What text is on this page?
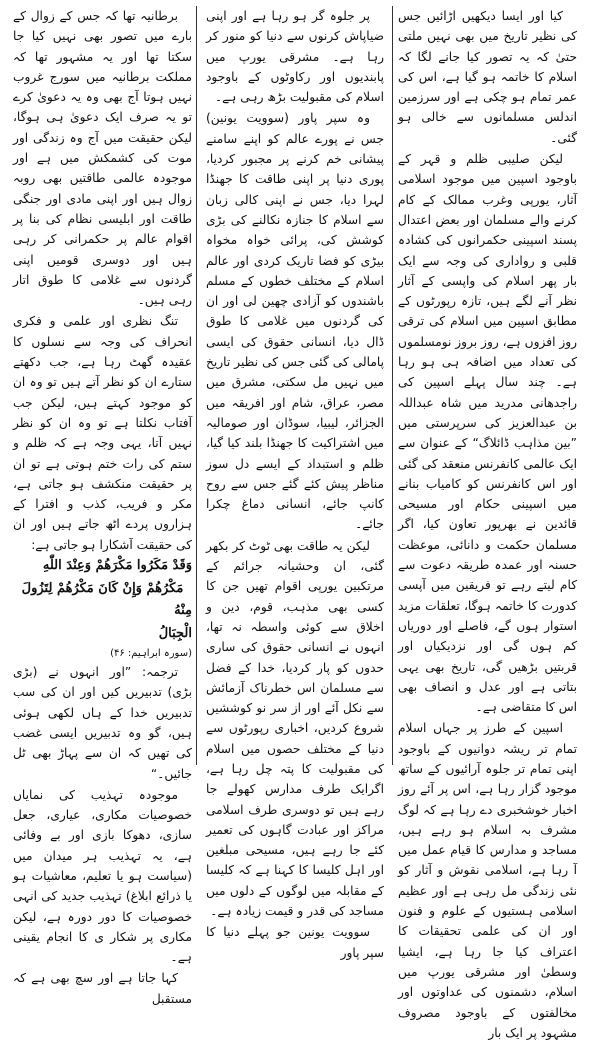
کیا اور ایسا دیکھیں اڑائیں جس کی نظیر تاریخ میں بھی نہیں ملتی حتیٰ کہ یہ تصور کیا جانے لگا کہ اسلام کا خاتمہ ہو گیا ہے، اس کی عمر تمام ہو چکی ہے اور سرزمین اندلس مسلمانوں سے خالی ہو گئی۔

لیکن صلیبی ظلم و قہر کے باوجود اسپین میں موجود اسلامی آثار، یورپی وغرب ممالک کے کام کرنے والے مسلمان اور بعض اعتدال پسند اسپینی حکمرانوں کی کشادہ قلبی و رواداری کی وجہ سے ایک بار پھر اسلام کی واپسی کے آثار نظر آنے لگے ہیں، تازہ رپورٹوں کے مطابق اسپین میں اسلام کی ترقی روز افزوں ہے، روز بروز نومسلموں کی تعداد میں اضافہ ہی ہو رہا ہے۔ چند سال پہلے اسپین کی راجدھانی مدرید میں شاہ عبداللہ بن عبدالعزیز کی سرپرستی میں ”بین مذاہب ڈائلاگ“ کے عنوان سے ایک عالمی کانفرنس منعقد کی گئی اور اس کانفرنس کو کامیاب بنانے میں اسپینی حکام اور مسیحی قائدین نے بھرپور تعاون کیا، اگر مسلمان حکمت و دانائی، موعظت حسنہ اور عمدہ طریقہ دعوت سے کام لیتے رہے تو فریقین میں آپسی کدورت کا خاتمہ ہوگا، تعلقات مزید استوار ہوں گے، فاصلے اور دوریاں کم ہوں گی اور نزدیکیاں اور قربتیں بڑھیں گی، تاریخ بھی یہی بتاتی ہے اور عدل و انصاف بھی اس کا متقاضی ہے۔

اسپین کے طرز پر جہاں اسلام تمام تر ریشہ دوانیوں کے باوجود اپنی تمام تر جلوہ آرائیوں کے ساتھ موجود گزار رہا ہے، اس پر آئے روز اخبار خوشخبری دے رہا ہے کہ لوگ مشرف بہ اسلام ہو رہے ہیں، مساجد و مدارس کا قیام عمل میں آ رہا ہے، اسلامی نقوش و آثار کو نئی زندگی مل رہی ہے اور عظیم اسلامی ہستیوں کے علوم و فنون اور ان کی علمی تحقیقات کا اعتراف کیا جا رہا ہے، ایشیا وسطیٰ اور مشرقی یورپ میں اسلام، دشمنوں کی عداوتوں اور مخالفتوں کے باوجود مصروف مشہود پر ایک بار

پر جلوہ گر ہو رہا ہے اور اپنی ضیاپاش کرنوں سے دنیا کو منور کر رہا ہے۔ مشرقی یورپ میں پابندیوں اور رکاوٹوں کے باوجود اسلام کی مقبولیت بڑھ رہی ہے۔

وہ سپر پاور (سوویت یونین) جس نے پورے عالم کو اپنے سامنے پیشانی خم کرنے پر مجبور کردیا، پوری دنیا پر اپنی طاقت کا جھنڈا لہرا دیا، جس نے اپنی کالی زبان سے اسلام کا جنازہ نکالنے کی بڑی کوشش کی، پرائی خواہ مخواہ بیڑی کو فضا تاریک کردی اور عالم اسلام کے مختلف خطوں کے مسلم باشندوں کو آزادی چھین لی اور ان کی گردنوں میں غلامی کا طوق ڈال دیا، انسانی حقوق کی ایسی پامالی کی گئی جس کی نظیر تاریخ میں نہیں مل سکتی، مشرق میں مصر، عراق، شام اور افریقہ میں الجزائر، لیبیا، سوڈان اور صومالیہ میں اشتراکیت کا جھنڈا بلند کیا گیا، ظلم و استبداد کے ایسے دل سوز مناظر پیش کئے گئے جس سے روح کانپ جائے، انسانی دماغ چکرا جائے۔

لیکن یہ طاقت بھی ٹوٹ کر بکھر گئی، ان وحشیانہ جرائم کے مرتکبین یورپی اقوام تھیں جن کا کسی بھی مذہب، قوم، دین و اخلاق سے کوئی واسطہ نہ تھا، انہوں نے انسانی حقوق کی ساری حدوں کو پار کردیا، خدا کے فضل سے مسلمان اس خطرناک آزمائش سے نکل آئے اور از سر نو کوششیں شروع کردیں، اخباری رپورٹوں سے دنیا کے مختلف حصوں میں اسلام کی مقبولیت کا پتہ چل رہا ہے، اگرایک طرف مدارس کھولے جا رہے ہیں تو دوسری طرف اسلامی مراکز اور عبادت گاہوں کی تعمیر کئے جا رہے ہیں، مسیحی مبلغین اور اہل کلیسا کا کہنا ہے کہ کلیسا کے مقابلہ میں لوگوں کے دلوں میں مساجد کی قدر و قیمت زیادہ ہے۔

سوویت یونین جو پہلے دنیا کا سپر پاور

برطانیہ تھا کہ جس کے زوال کے بارے میں تصور بھی نہیں کیا جا سکتا تھا اور یہ مشہور تھا کہ مملکت برطانیہ میں سورج غروب نہیں ہوتا آج بھی وہ یہ دعویٰ کرے تو یہ صرف ایک دعویٰ ہی ہوگا، لیکن حقیقت میں آج وہ زندگی اور موت کی کشمکش میں ہے اور موجودہ عالمی طاقتیں بھی روبہ زوال ہیں اور اپنی مادی اور جنگی طاقت اور ابلیسی نظام کی بنا پر اقوام عالم پر حکمرانی کر رہی ہیں اور دوسری قومیں اپنی گردنوں سے غلامی کا طوق اتار رہی ہیں۔

تنگ نظری اور علمی و فکری انحراف کی وجہ سے نسلوں کا عقیدہ گھٹ رہا ہے، جب دکھتے ستارے ان کو نظر آتے ہیں تو وہ ان کو موجود کہتے ہیں، لیکن جب آفتاب نکلتا ہے تو وہ ان کو نظر نہیں آتا، یہی وجہ ہے کہ ظلم و ستم کی رات ختم ہوتی ہے تو ان پر حقیقت منکشف ہو جاتی ہے، مکر و فریب، کذب و افترا کے ہزاروں پردے اٹھ جاتے ہیں اور ان کی حقیقت آشکارا ہو جاتی ہے:

وَقَدْ مَكَرُوا مَكْرَهُمْ وَعِنْدَ اللّٰهِ

مَكْرُهُمْ وَإِنْ كَانَ مَكْرُهُمْ لِتَزُولَ مِنْهُ

الْجِبَالُ

(سورہ ابراہیم: ۴۶)

ترجمہ: ”اور انہوں نے (بڑی بڑی) تدبیریں کیں اور ان کی سب تدبیریں خدا کے ہاں لکھی ہوئی ہیں، گو وہ تدبیریں ایسی غضب کی تھیں کہ ان سے پہاڑ بھی ٹل جائیں۔“

موجودہ تہذیب کی نمایاں خصوصیات مکاری، عیاری، جعل سازی، دھوکا بازی اور بے وفائی ہے، یہ تہذیب ہر میدان میں (سیاست ہو یا تعلیم، معاشیات ہو یا ذرائع ابلاغ) تہذیب جدید کی انہی خصوصیات کا دور دورہ ہے، لیکن مکاری پر شکار ی کا انجام یقینی ہے۔

کہا جاتا ہے اور سچ بھی ہے کہ مستقبل
